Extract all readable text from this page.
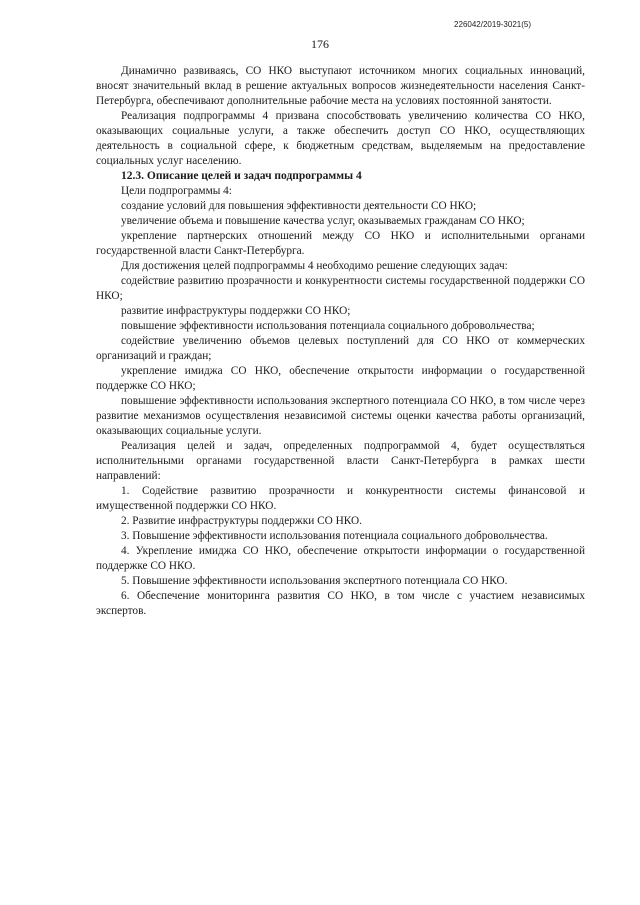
226042/2019-3021(5)
176

Динамично развиваясь, СО НКО выступают источником многих социальных инноваций, вносят значительный вклад в решение актуальных вопросов жизнедеятельности населения Санкт-Петербурга, обеспечивают дополнительные рабочие места на условиях постоянной занятости.

Реализация подпрограммы 4 призвана способствовать увеличению количества СО НКО, оказывающих социальные услуги, а также обеспечить доступ СО НКО, осуществляющих деятельность в социальной сфере, к бюджетным средствам, выделяемым на предоставление социальных услуг населению.

12.3. Описание целей и задач подпрограммы 4

Цели подпрограммы 4:

создание условий для повышения эффективности деятельности СО НКО;

увеличение объема и повышение качества услуг, оказываемых гражданам СО НКО;

укрепление партнерских отношений между СО НКО и исполнительными органами государственной власти Санкт-Петербурга.

Для достижения целей подпрограммы 4 необходимо решение следующих задач:

содействие развитию прозрачности и конкурентности системы государственной поддержки СО НКО;

развитие инфраструктуры поддержки СО НКО;

повышение эффективности использования потенциала социального добровольчества;

содействие увеличению объемов целевых поступлений для СО НКО от коммерческих организаций и граждан;

укрепление имиджа СО НКО, обеспечение открытости информации о государственной поддержке СО НКО;

повышение эффективности использования экспертного потенциала СО НКО, в том числе через развитие механизмов осуществления независимой системы оценки качества работы организаций, оказывающих социальные услуги.

Реализация целей и задач, определенных подпрограммой 4, будет осуществляться исполнительными органами государственной власти Санкт-Петербурга в рамках шести направлений:

1. Содействие развитию прозрачности и конкурентности системы финансовой и имущественной поддержки СО НКО.

2. Развитие инфраструктуры поддержки СО НКО.

3. Повышение эффективности использования потенциала социального добровольчества.

4. Укрепление имиджа СО НКО, обеспечение открытости информации о государственной поддержке СО НКО.

5. Повышение эффективности использования экспертного потенциала СО НКО.

6. Обеспечение мониторинга развития СО НКО, в том числе с участием независимых экспертов.
